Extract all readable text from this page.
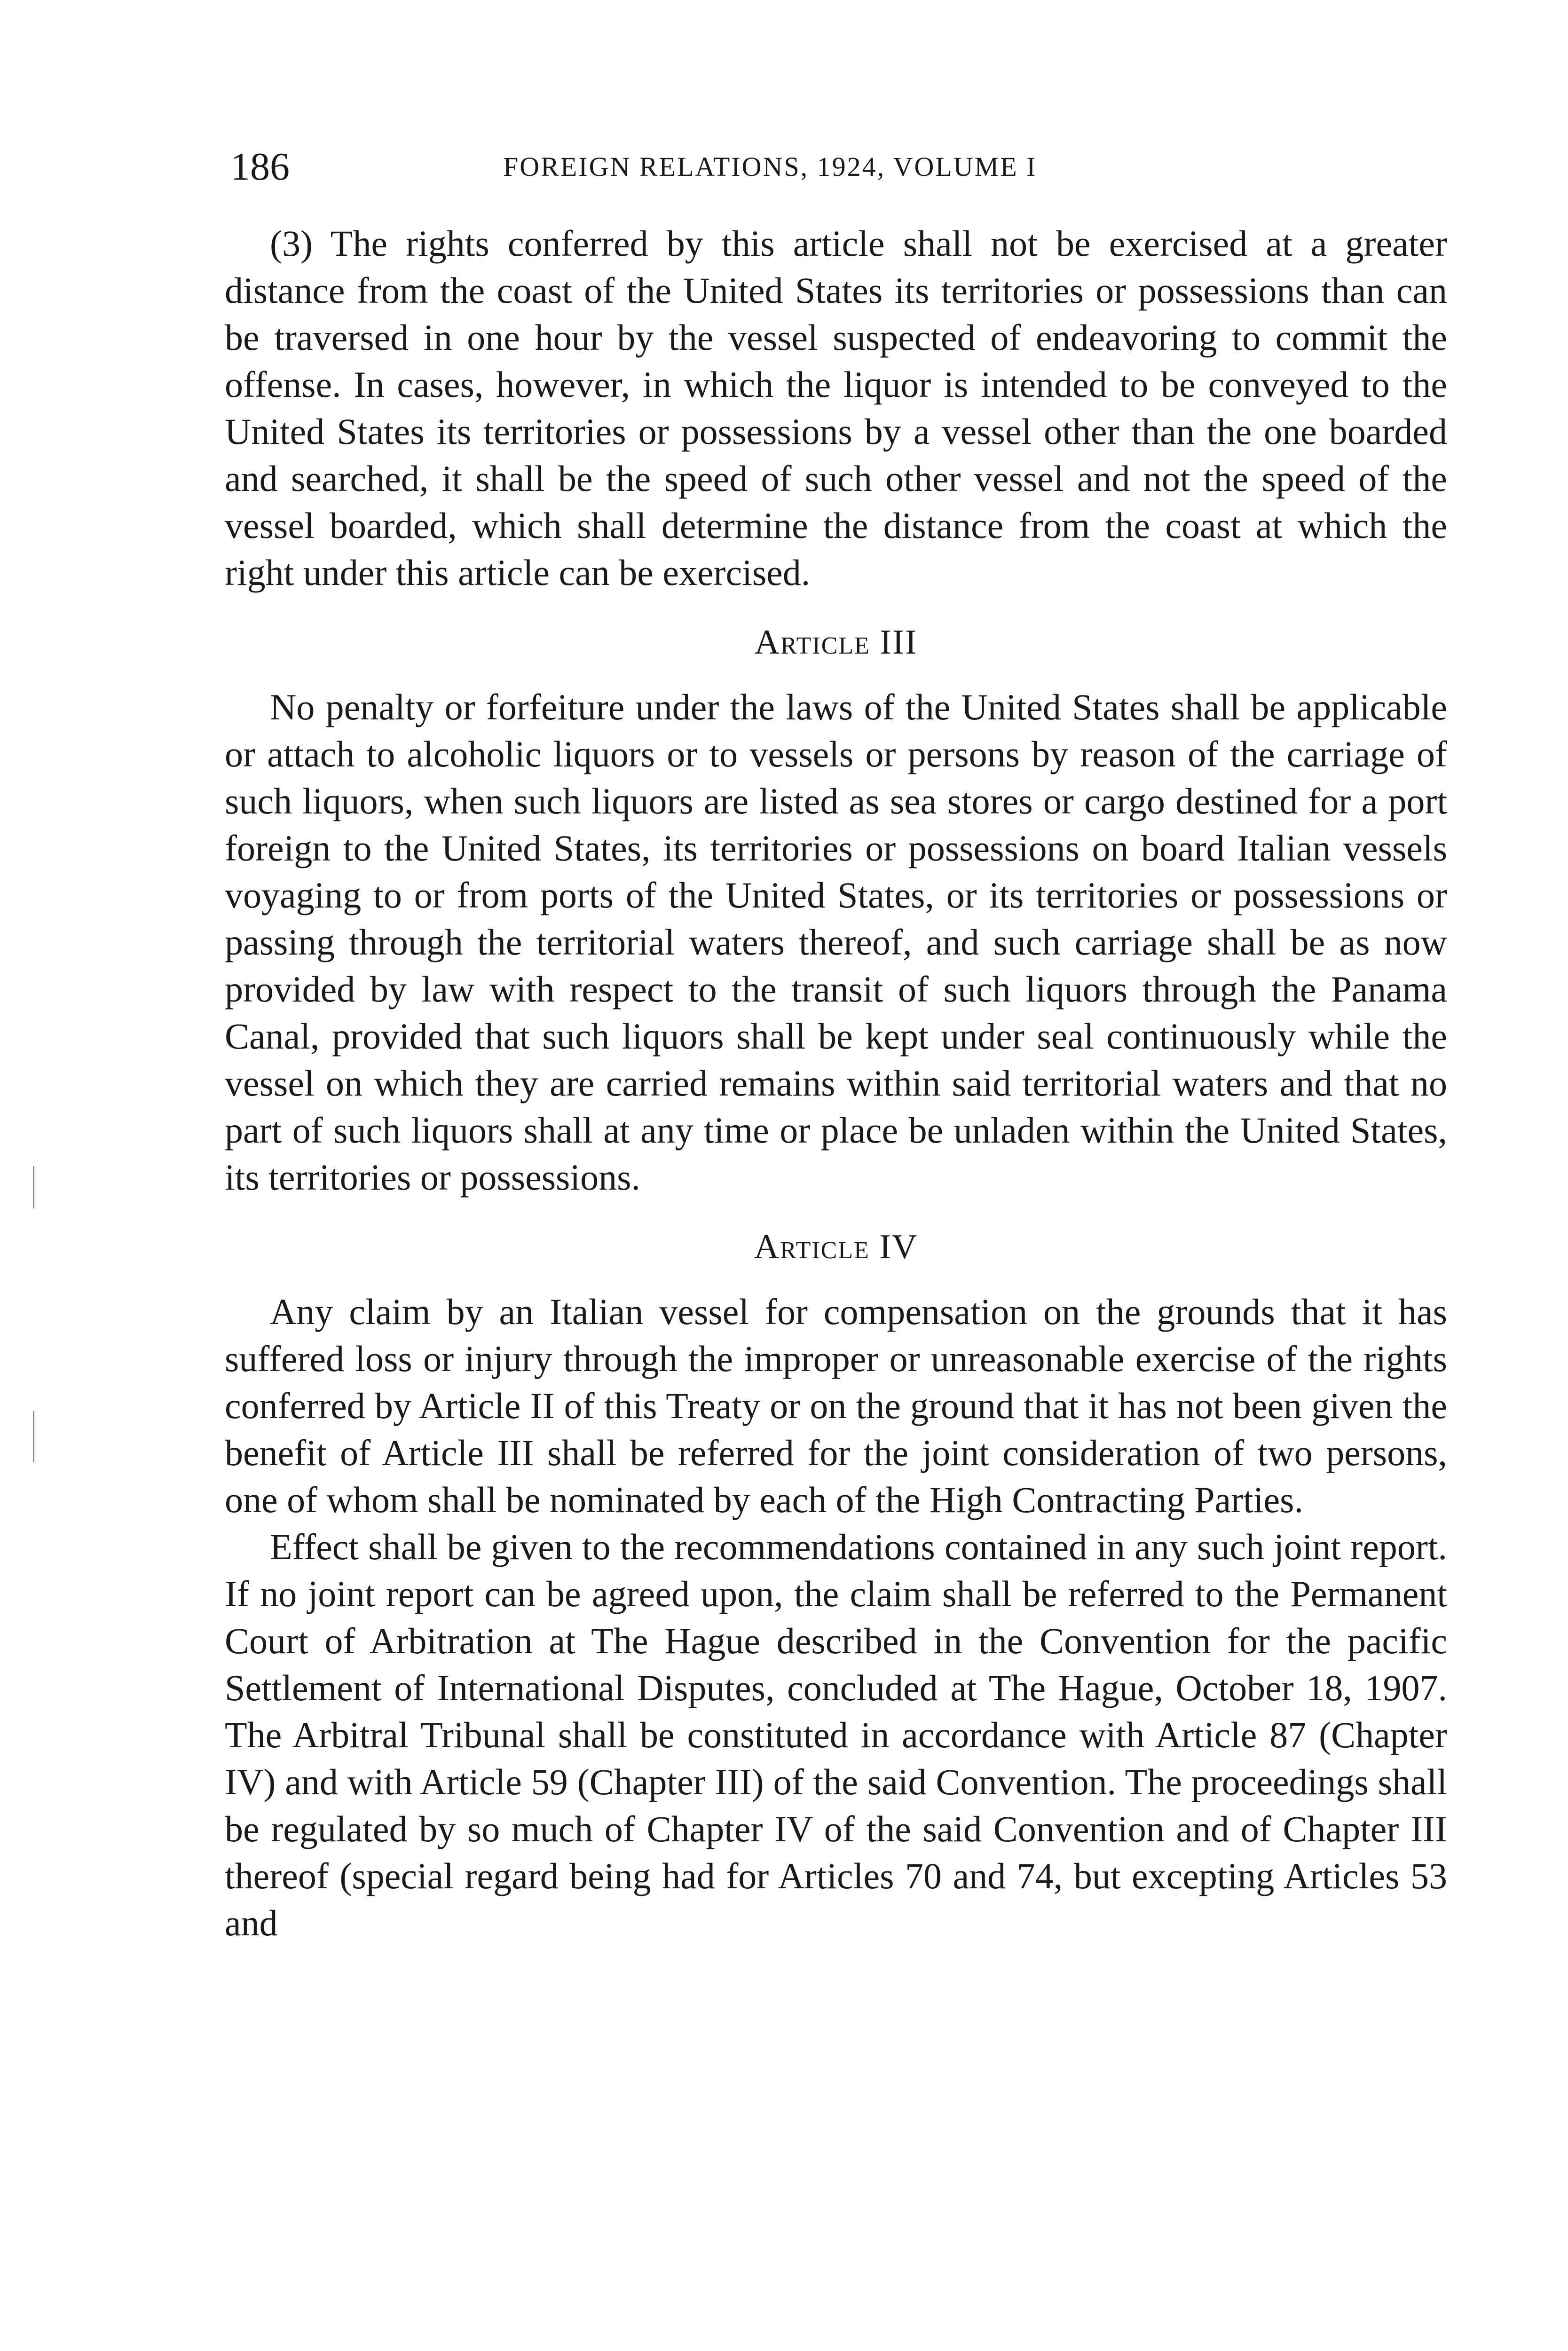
186	FOREIGN RELATIONS, 1924, VOLUME I

(3) The rights conferred by this article shall not be exercised at a greater distance from the coast of the United States its territories or possessions than can be traversed in one hour by the vessel suspected of endeavoring to commit the offense. In cases, however, in which the liquor is intended to be conveyed to the United States its territories or possessions by a vessel other than the one boarded and searched, it shall be the speed of such other vessel and not the speed of the vessel boarded, which shall determine the distance from the coast at which the right under this article can be exercised.

Article III

No penalty or forfeiture under the laws of the United States shall be applicable or attach to alcoholic liquors or to vessels or persons by reason of the carriage of such liquors, when such liquors are listed as sea stores or cargo destined for a port foreign to the United States, its territories or possessions on board Italian vessels voyaging to or from ports of the United States, or its territories or possessions or passing through the territorial waters thereof, and such carriage shall be as now provided by law with respect to the transit of such liquors through the Panama Canal, provided that such liquors shall be kept under seal continuously while the vessel on which they are carried remains within said territorial waters and that no part of such liquors shall at any time or place be unladen within the United States, its territories or possessions.

Article IV

Any claim by an Italian vessel for compensation on the grounds that it has suffered loss or injury through the improper or unreasonable exercise of the rights conferred by Article II of this Treaty or on the ground that it has not been given the benefit of Article III shall be referred for the joint consideration of two persons, one of whom shall be nominated by each of the High Contracting Parties.

Effect shall be given to the recommendations contained in any such joint report. If no joint report can be agreed upon, the claim shall be referred to the Permanent Court of Arbitration at The Hague described in the Convention for the pacific Settlement of International Disputes, concluded at The Hague, October 18, 1907. The Arbitral Tribunal shall be constituted in accordance with Article 87 (Chapter IV) and with Article 59 (Chapter III) of the said Convention. The proceedings shall be regulated by so much of Chapter IV of the said Convention and of Chapter III thereof (special regard being had for Articles 70 and 74, but excepting Articles 53 and
